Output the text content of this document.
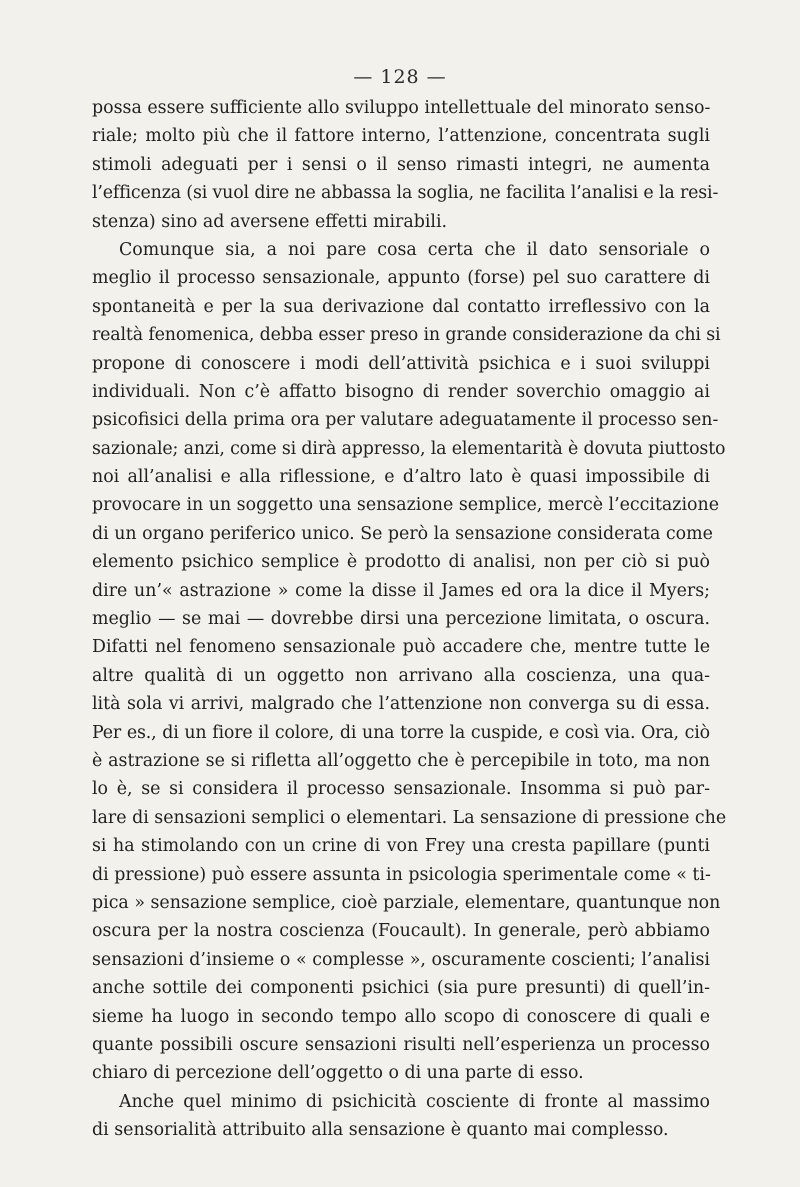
— 128 —
possa essere sufficiente allo sviluppo intellettuale del minorato senso-
riale; molto più che il fattore interno, l’attenzione, concentrata sugli
stimoli adeguati per i sensi o il senso rimasti integri, ne aumenta
l’efficenza (si vuol dire ne abbassa la soglia, ne facilita l’analisi e la resi-
stenza) sino ad aversene effetti mirabili.
Comunque sia, a noi pare cosa certa che il dato sensoriale o
meglio il processo sensazionale, appunto (forse) pel suo carattere di
spontaneità e per la sua derivazione dal contatto irreflessivo con la
realtà fenomenica, debba esser preso in grande considerazione da chi si
propone di conoscere i modi dell’attività psichica e i suoi sviluppi
individuali. Non c’è affatto bisogno di render soverchio omaggio ai
psicofisici della prima ora per valutare adeguatamente il processo sen-
sazionale; anzi, come si dirà appresso, la elementarità è dovuta piuttosto
noi all’analisi e alla riflessione, e d’altro lato è quasi impossibile di
provocare in un soggetto una sensazione semplice, mercè l’eccitazione
di un organo periferico unico. Se però la sensazione considerata come
elemento psichico semplice è prodotto di analisi, non per ciò si può
dire un’« astrazione » come la disse il James ed ora la dice il Myers;
meglio — se mai — dovrebbe dirsi una percezione limitata, o oscura.
Difatti nel fenomeno sensazionale può accadere che, mentre tutte le
altre qualità di un oggetto non arrivano alla coscienza, una qua-
lità sola vi arrivi, malgrado che l’attenzione non converga su di essa.
Per es., di un fiore il colore, di una torre la cuspide, e così via. Ora, ciò
è astrazione se si rifletta all’oggetto che è percepibile in toto, ma non
lo è, se si considera il processo sensazionale. Insomma si può par-
lare di sensazioni semplici o elementari. La sensazione di pressione che
si ha stimolando con un crine di von Frey una cresta papillare (punti
di pressione) può essere assunta in psicologia sperimentale come « ti-
pica » sensazione semplice, cioè parziale, elementare, quantunque non
oscura per la nostra coscienza (Foucault). In generale, però abbiamo
sensazioni d’insieme o « complesse », oscuramente coscienti; l’analisi
anche sottile dei componenti psichici (sia pure presunti) di quell’in-
sieme ha luogo in secondo tempo allo scopo di conoscere di quali e
quante possibili oscure sensazioni risulti nell’esperienza un processo
chiaro di percezione dell’oggetto o di una parte di esso.
Anche quel minimo di psichicità cosciente di fronte al massimo
di sensorialità attribuito alla sensazione è quanto mai complesso.
